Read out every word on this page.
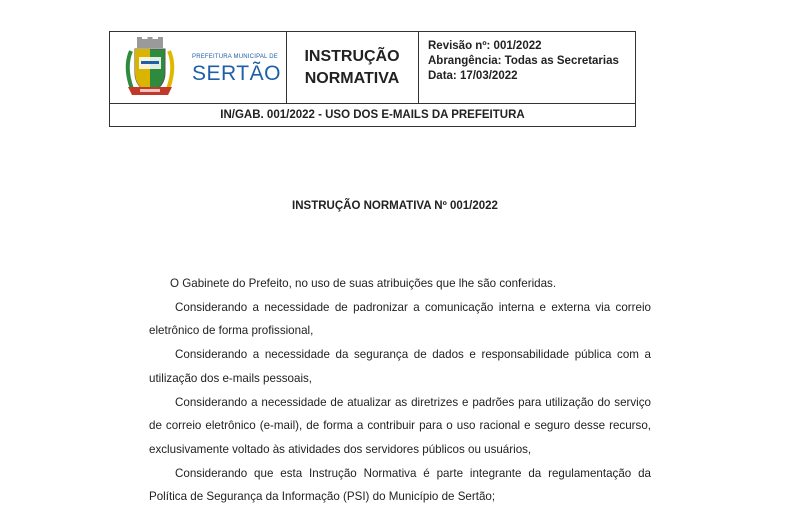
PREFEITURA MUNICIPAL DE
SERTÃO
INSTRUÇÃO
NORMATIVA
Revisão nº: 001/2022
Abrangência: Todas as Secretarias
Data: 17/03/2022
IN/GAB. 001/2022 - USO DOS E-MAILS DA PREFEITURA
INSTRUÇÃO NORMATIVA Nº 001/2022

O Gabinete do Prefeito, no uso de suas atribuições que lhe são conferidas.

Considerando a necessidade de padronizar a comunicação interna e externa via correio eletrônico de forma profissional,

Considerando a necessidade da segurança de dados e responsabilidade pública com a utilização dos e-mails pessoais,

Considerando a necessidade de atualizar as diretrizes e padrões para utilização do serviço de correio eletrônico (e-mail), de forma a contribuir para o uso racional e seguro desse recurso, exclusivamente voltado às atividades dos servidores públicos ou usuários,

Considerando que esta Instrução Normativa é parte integrante da regulamentação da Política de Segurança da Informação (PSI) do Município de Sertão;
